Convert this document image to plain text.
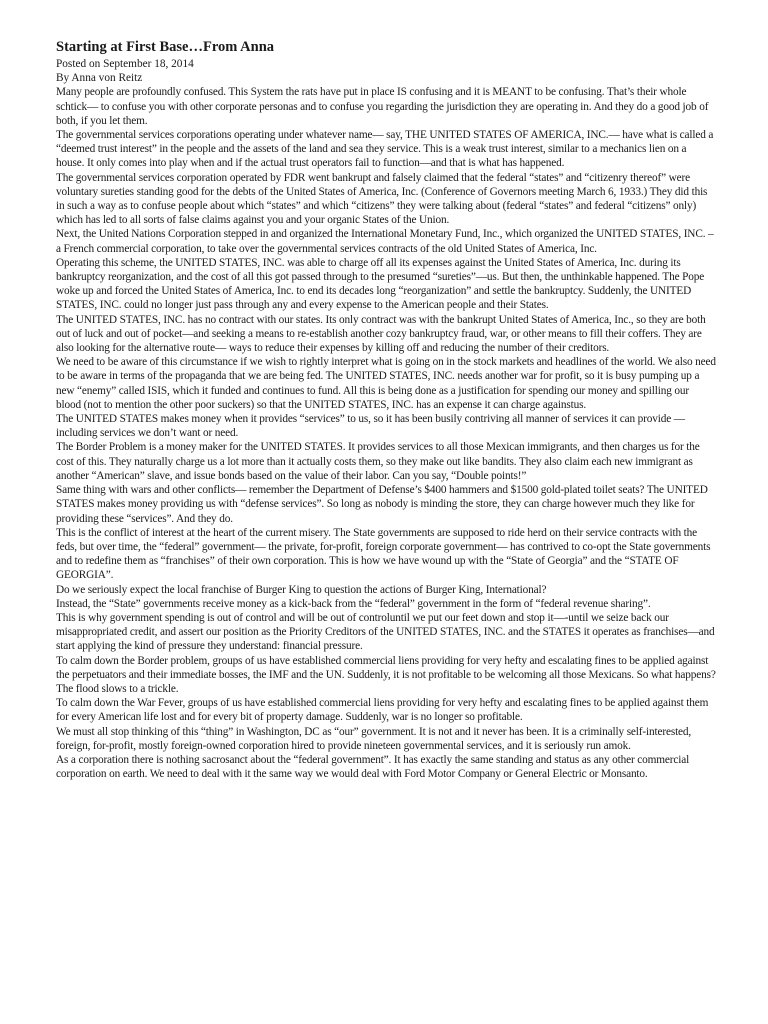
Starting at First Base…From Anna
Posted on September 18, 2014
By Anna von Reitz

Many people are profoundly confused. This System the rats have put in place IS confusing and it is MEANT to be confusing. That’s their whole schtick— to confuse you with other corporate personas and to confuse you regarding the jurisdiction they are operating in. And they do a good job of both, if you let them.

The governmental services corporations operating under whatever name— say, THE UNITED STATES OF AMERICA, INC.— have what is called a “deemed trust interest” in the people and the assets of the land and sea they service. This is a weak trust interest, similar to a mechanics lien on a house. It only comes into play when and if the actual trust operators fail to function—and that is what has happened.

The governmental services corporation operated by FDR went bankrupt and falsely claimed that the federal “states” and “citizenry thereof” were voluntary sureties standing good for the debts of the United States of America, Inc. (Conference of Governors meeting March 6, 1933.) They did this in such a way as to confuse people about which “states” and which “citizens” they were talking about (federal “states” and federal “citizens” only) which has led to all sorts of false claims against you and your organic States of the Union.

Next, the United Nations Corporation stepped in and organized the International Monetary Fund, Inc., which organized the UNITED STATES, INC. – a French commercial corporation, to take over the governmental services contracts of the old United States of America, Inc.

Operating this scheme, the UNITED STATES, INC. was able to charge off all its expenses against the United States of America, Inc. during its bankruptcy reorganization, and the cost of all this got passed through to the presumed “sureties”—us. But then, the unthinkable happened. The Pope woke up and forced the United States of America, Inc. to end its decades long “reorganization” and settle the bankruptcy. Suddenly, the UNITED STATES, INC. could no longer just pass through any and every expense to the American people and their States.

The UNITED STATES, INC. has no contract with our states. Its only contract was with the bankrupt United States of America, Inc., so they are both out of luck and out of pocket—and seeking a means to re-establish another cozy bankruptcy fraud, war, or other means to fill their coffers. They are also looking for the alternative route— ways to reduce their expenses by killing off and reducing the number of their creditors.

We need to be aware of this circumstance if we wish to rightly interpret what is going on in the stock markets and headlines of the world. We also need to be aware in terms of the propaganda that we are being fed. The UNITED STATES, INC. needs another war for profit, so it is busy pumping up a new “enemy” called ISIS, which it funded and continues to fund. All this is being done as a justification for spending our money and spilling our blood (not to mention the other poor suckers) so that the UNITED STATES, INC. has an expense it can charge againstus.

The UNITED STATES makes money when it provides “services” to us, so it has been busily contriving all manner of services it can provide —including services we don’t want or need.

The Border Problem is a money maker for the UNITED STATES. It provides services to all those Mexican immigrants, and then charges us for the cost of this. They naturally charge us a lot more than it actually costs them, so they make out like bandits. They also claim each new immigrant as another “American” slave, and issue bonds based on the value of their labor. Can you say, “Double points!”

Same thing with wars and other conflicts— remember the Department of Defense’s $400 hammers and $1500 gold-plated toilet seats? The UNITED STATES makes money providing us with “defense services”. So long as nobody is minding the store, they can charge however much they like for providing these “services”. And they do.

This is the conflict of interest at the heart of the current misery. The State governments are supposed to ride herd on their service contracts with the feds, but over time, the “federal” government— the private, for-profit, foreign corporate government— has contrived to co-opt the State governments and to redefine them as “franchises” of their own corporation. This is how we have wound up with the “State of Georgia” and the “STATE OF GEORGIA”.

Do we seriously expect the local franchise of Burger King to question the actions of Burger King, International?

Instead, the “State” governments receive money as a kick-back from the “federal” government in the form of “federal revenue sharing”.

This is why government spending is out of control and will be out of controluntil we put our feet down and stop it—-until we seize back our misappropriated credit, and assert our position as the Priority Creditors of the UNITED STATES, INC. and the STATES it operates as franchises—and start applying the kind of pressure they understand: financial pressure.

To calm down the Border problem, groups of us have established commercial liens providing for very hefty and escalating fines to be applied against the perpetuators and their immediate bosses, the IMF and the UN. Suddenly, it is not profitable to be welcoming all those Mexicans. So what happens? The flood slows to a trickle.

To calm down the War Fever, groups of us have established commercial liens providing for very hefty and escalating fines to be applied against them for every American life lost and for every bit of property damage. Suddenly, war is no longer so profitable.

We must all stop thinking of this “thing” in Washington, DC as “our” government. It is not and it never has been. It is a criminally self-interested, foreign, for-profit, mostly foreign-owned corporation hired to provide nineteen governmental services, and it is seriously run amok.

As a corporation there is nothing sacrosanct about the “federal government”. It has exactly the same standing and status as any other commercial corporation on earth. We need to deal with it the same way we would deal with Ford Motor Company or General Electric or Monsanto.
